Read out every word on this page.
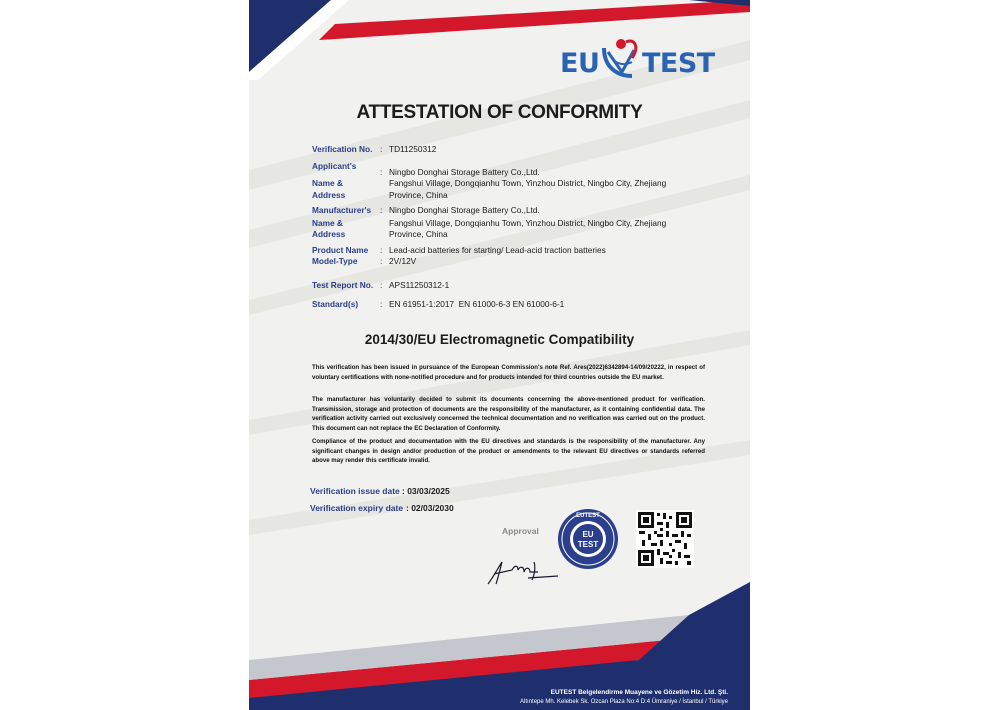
EU TEST
ATTESTATION OF CONFORMITY
Verification No. : TD11250312
Applicant's
Name &
Address
: Ningbo Donghai Storage Battery Co.,Ltd.
Fangshui Village, Dongqianhu Town, Yinzhou District, Ningbo City, Zhejiang
Province, China
Manufacturer's
Name &
Address
: Ningbo Donghai Storage Battery Co.,Ltd.
Fangshui Village, Dongqianhu Town, Yinzhou District, Ningbo City, Zhejiang
Province, China
Product Name
Model-Type
: Lead-acid batteries for starting/ Lead-acid traction batteries
: 2V/12V
Test Report No. : APS11250312-1
Standard(s)	: EN 61951-1:2017  EN 61000-6-3 EN 61000-6-1
2014/30/EU Electromagnetic Compatibility
This verification has been issued in pursuance of the European Commission's note Ref. Ares(2022)6342894-14/09/20222, in respect of voluntary certifications with none-notified procedure and for products intended for third countries outside the EU market.
The manufacturer has voluntarily decided to submit its documents concerning the above-mentioned product for verification. Transmission, storage and protection of documents are the responsibility of the manufacturer, as it containing confidential data. The verification activity carried out exclusively concerned the technical documentation and no verification was carried out on the product. This document can not replace the EC Declaration of Conformity.
Compliance of the product and documentation with the EU directives and standards is the responsibility of the manufacturer. Any significant changes in design and/or production of the product or amendments to the relevant EU directives or standards referred above may render this certificate invalid.
Verification issue date : 03/03/2025
Verification expiry date : 02/03/2030
Approval
EUTEST
EU
TEST
EUTEST Belgelendirme Muayene ve Gözetim Hiz. Ltd. Şti.
Altıntepe Mh. Kelebek Sk. Ozcan Plaza No:4 D:4 Ümraniye / İstanbul / Türkiye
